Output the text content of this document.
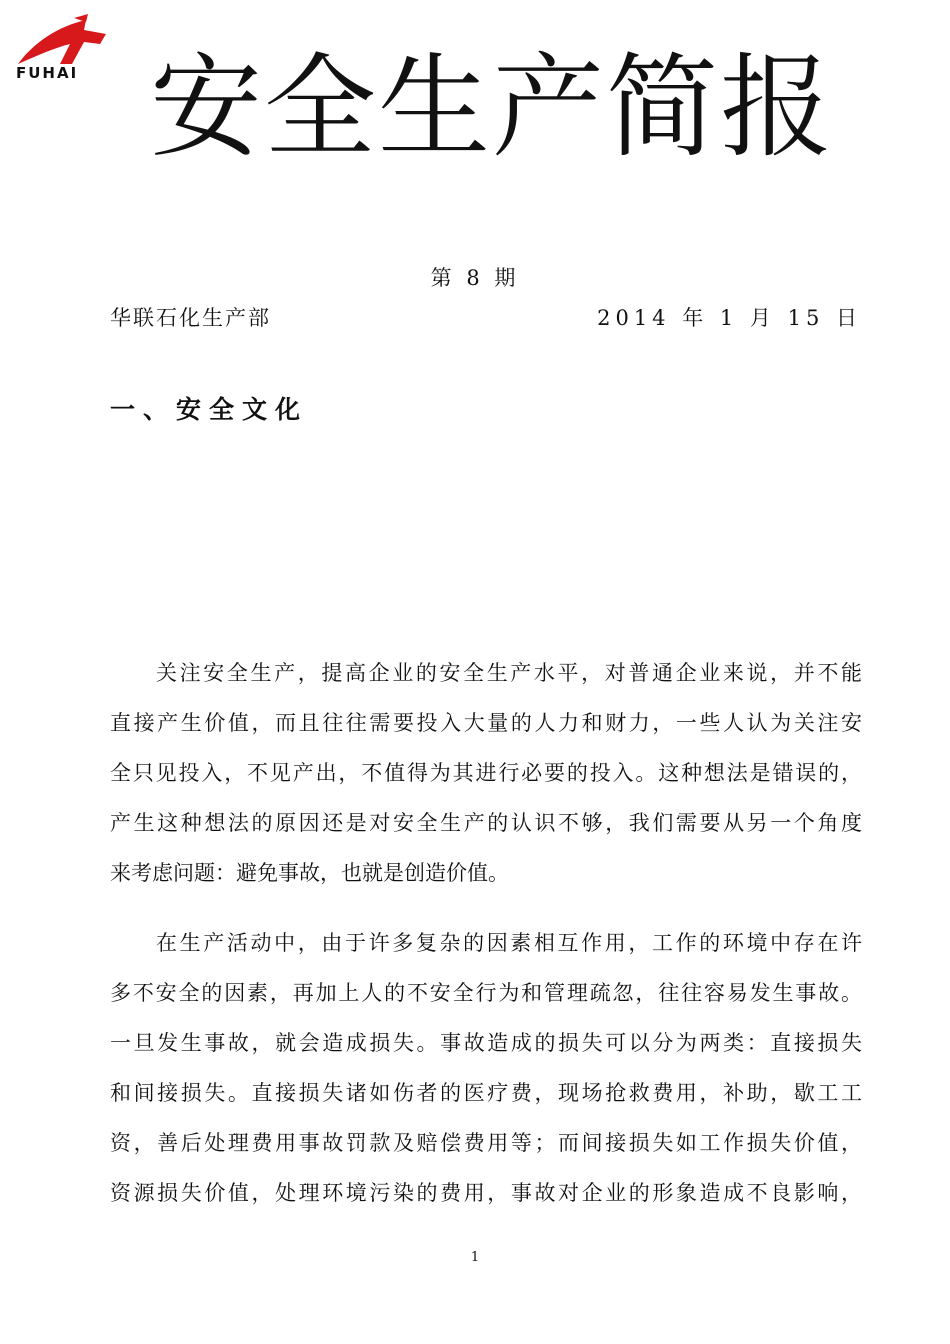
FUHAI 安全生产简报
第 8 期
华联石化生产部	2014 年 1 月 15 日
一、安全文化
关注安全生产，提高企业的安全生产水平，对普通企业来说，并不能
直接产生价值，而且往往需要投入大量的人力和财力，一些人认为关注安
全只见投入，不见产出，不值得为其进行必要的投入。这种想法是错误的，
产生这种想法的原因还是对安全生产的认识不够，我们需要从另一个角度
来考虑问题：避免事故，也就是创造价值。
在生产活动中，由于许多复杂的因素相互作用，工作的环境中存在许
多不安全的因素，再加上人的不安全行为和管理疏忽，往往容易发生事故。
一旦发生事故，就会造成损失。事故造成的损失可以分为两类：直接损失
和间接损失。直接损失诸如伤者的医疗费，现场抢救费用，补助，歇工工
资，善后处理费用事故罚款及赔偿费用等；而间接损失如工作损失价值，
资源损失价值，处理环境污染的费用，事故对企业的形象造成不良影响，
1
